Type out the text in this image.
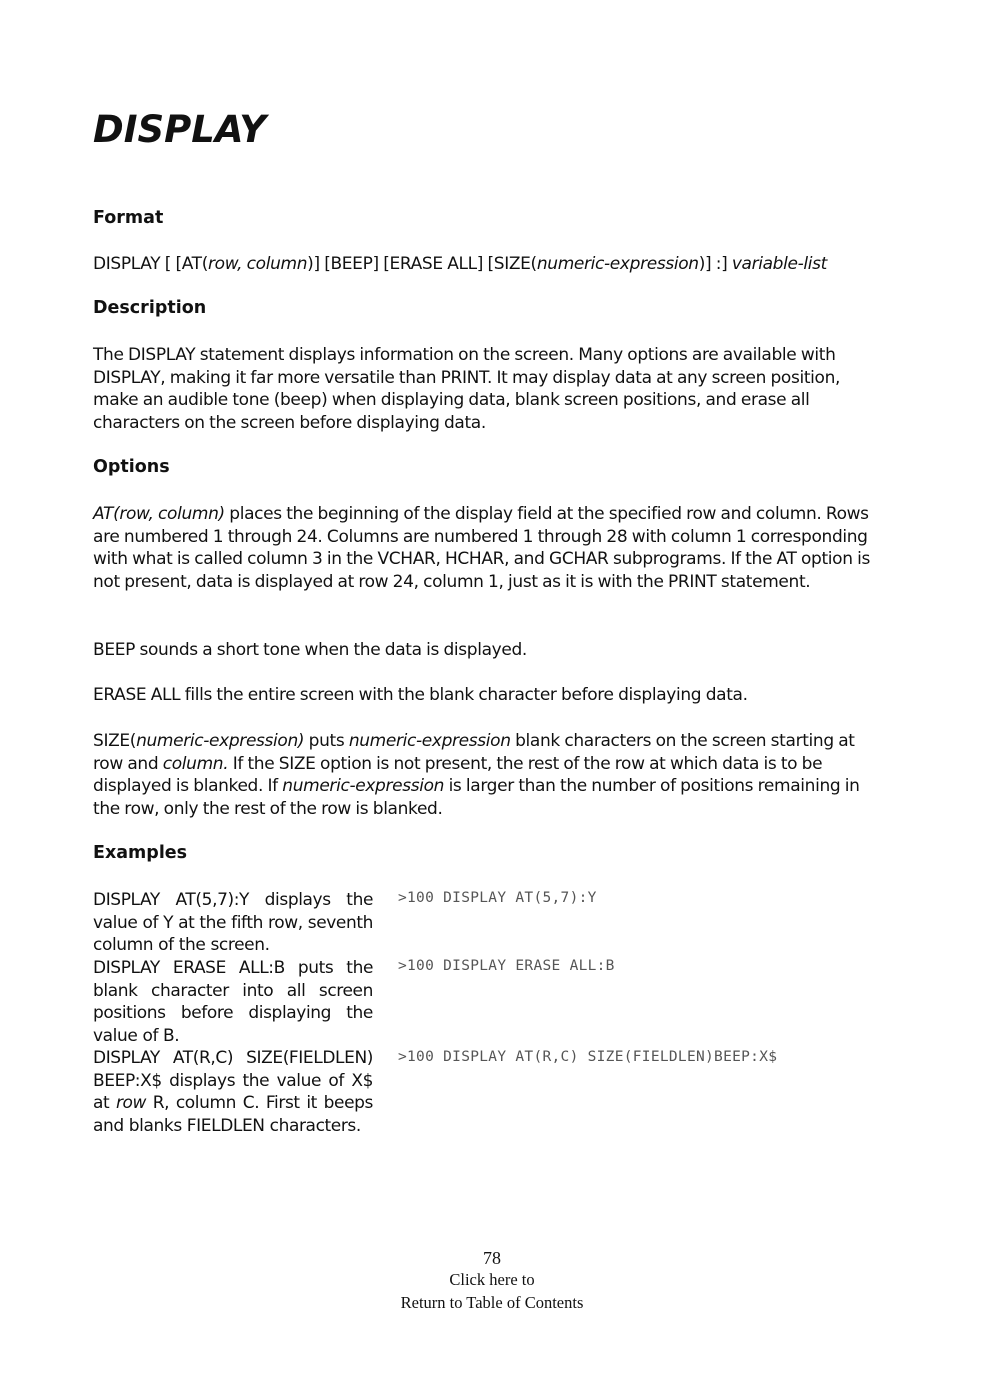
DISPLAY
Format

DISPLAY [ [AT(row, column)] [BEEP] [ERASE ALL] [SIZE(numeric-expression)] :] variable-list

Description

The DISPLAY statement displays information on the screen. Many options are available with DISPLAY, making it far more versatile than PRINT. It may display data at any screen position, make an audible tone (beep) when displaying data, blank screen positions, and erase all characters on the screen before displaying data.

Options

AT(row, column) places the beginning of the display field at the specified row and column. Rows are numbered 1 through 24. Columns are numbered 1 through 28 with column 1 corresponding with what is called column 3 in the VCHAR, HCHAR, and GCHAR subprograms. If the AT option is not present, data is displayed at row 24, column 1, just as it is with the PRINT statement.

BEEP sounds a short tone when the data is displayed.

ERASE ALL fills the entire screen with the blank character before displaying data.

SIZE(numeric-expression) puts numeric-expression blank characters on the screen starting at row and column. If the SIZE option is not present, the rest of the row at which data is to be displayed is blanked. If numeric-expression is larger than the number of positions remaining in the row, only the rest of the row is blanked.

Examples

DISPLAY AT(5,7):Y displays the value of Y at the fifth row, seventh column of the screen.

>100 DISPLAY AT(5,7):Y

DISPLAY ERASE ALL:B puts the blank character into all screen positions before displaying the value of B.

>100 DISPLAY ERASE ALL:B

DISPLAY AT(R,C) SIZE(FIELDLEN) BEEP:X$ displays the value of X$ at row R, column C. First it beeps and blanks FIELDLEN characters.

>100 DISPLAY AT(R,C) SIZE(FIELDLEN)BEEP:X$
78
Click here to
Return to Table of Contents
